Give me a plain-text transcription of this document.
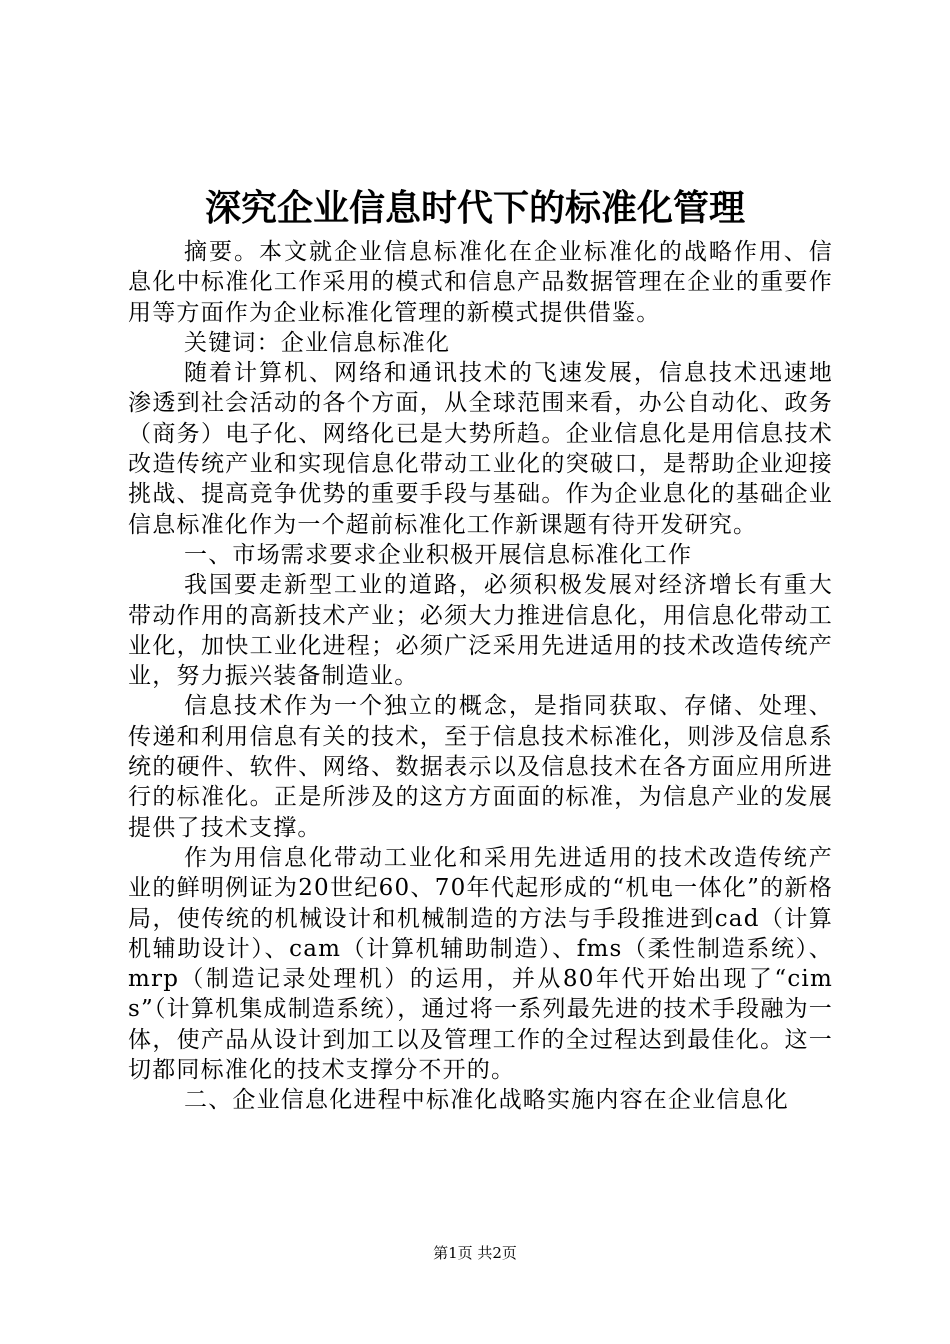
深究企业信息时代下的标准化管理

摘要。本文就企业信息标准化在企业标准化的战略作用、信息化中标准化工作采用的模式和信息产品数据管理在企业的重要作用等方面作为企业标准化管理的新模式提供借鉴。

关键词：企业信息标准化

随着计算机、网络和通讯技术的飞速发展，信息技术迅速地渗透到社会活动的各个方面，从全球范围来看，办公自动化、政务（商务）电子化、网络化已是大势所趋。企业信息化是用信息技术改造传统产业和实现信息化带动工业化的突破口，是帮助企业迎接挑战、提高竞争优势的重要手段与基础。作为企业息化的基础企业信息标准化作为一个超前标准化工作新课题有待开发研究。

一、市场需求要求企业积极开展信息标准化工作

我国要走新型工业的道路，必须积极发展对经济增长有重大带动作用的高新技术产业；必须大力推进信息化，用信息化带动工业化，加快工业化进程；必须广泛采用先进适用的技术改造传统产业，努力振兴装备制造业。

信息技术作为一个独立的概念，是指同获取、存储、处理、传递和利用信息有关的技术，至于信息技术标准化，则涉及信息系统的硬件、软件、网络、数据表示以及信息技术在各方面应用所进行的标准化。正是所涉及的这方方面面的标准，为信息产业的发展提供了技术支撑。

作为用信息化带动工业化和采用先进适用的技术改造传统产业的鲜明例证为20世纪60、70年代起形成的“机电一体化”的新格局，使传统的机械设计和机械制造的方法与手段推进到cad（计算机辅助设计）、cam（计算机辅助制造）、fms（柔性制造系统）、mrp（制造记录处理机）的运用，并从80年代开始出现了“cims”（计算机集成制造系统），通过将一系列最先进的技术手段融为一体，使产品从设计到加工以及管理工作的全过程达到最佳化。这一切都同标准化的技术支撑分不开的。

二、企业信息化进程中标准化战略实施内容在企业信息化

第1页 共2页
